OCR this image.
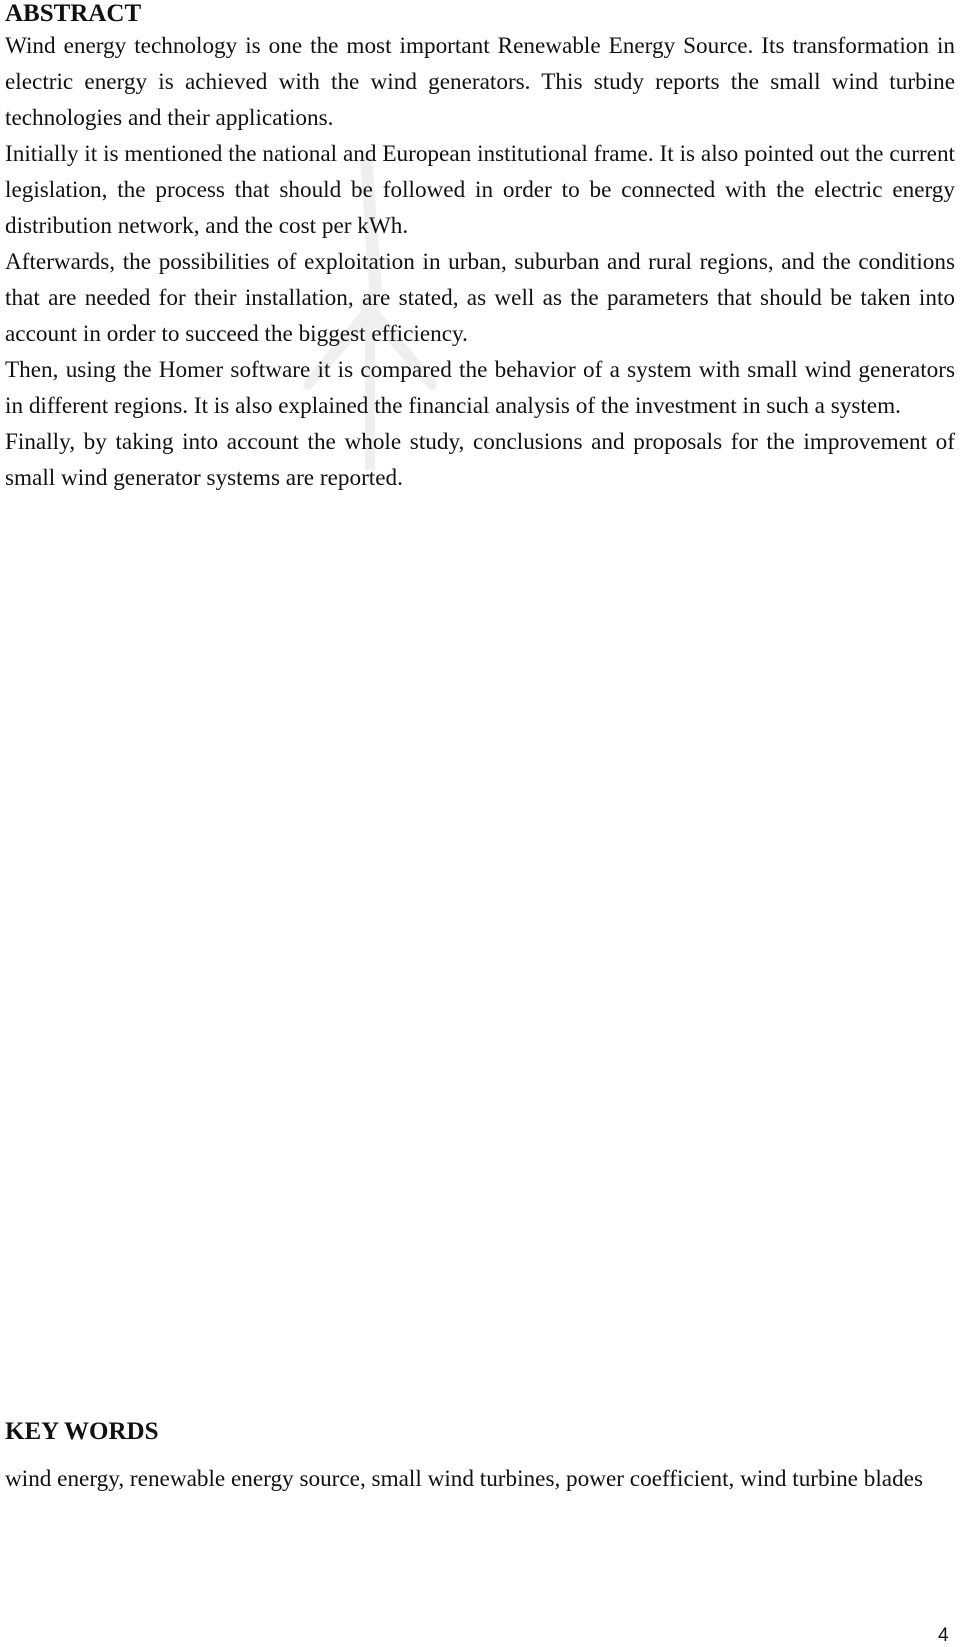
ABSTRACT

Wind energy technology is one the most important Renewable Energy Source. Its transformation in electric energy is achieved with the wind generators. This study reports the small wind turbine technologies and their applications.

Initially it is mentioned the national and European institutional frame. It is also pointed out the current legislation, the process that should be followed in order to be connected with the electric energy distribution network, and the cost per kWh.

Afterwards, the possibilities of exploitation in urban, suburban and rural regions, and the conditions that are needed for their installation, are stated, as well as the parameters that should be taken into account in order to succeed the biggest efficiency.

Then, using the Homer software it is compared the behavior of a system with small wind generators in different regions. It is also explained the financial analysis of the investment in such a system.

Finally, by taking into account the whole study, conclusions and proposals for the improvement of small wind generator systems are reported.

KEY WORDS

wind energy, renewable energy source, small wind turbines, power coefficient, wind turbine blades

4
